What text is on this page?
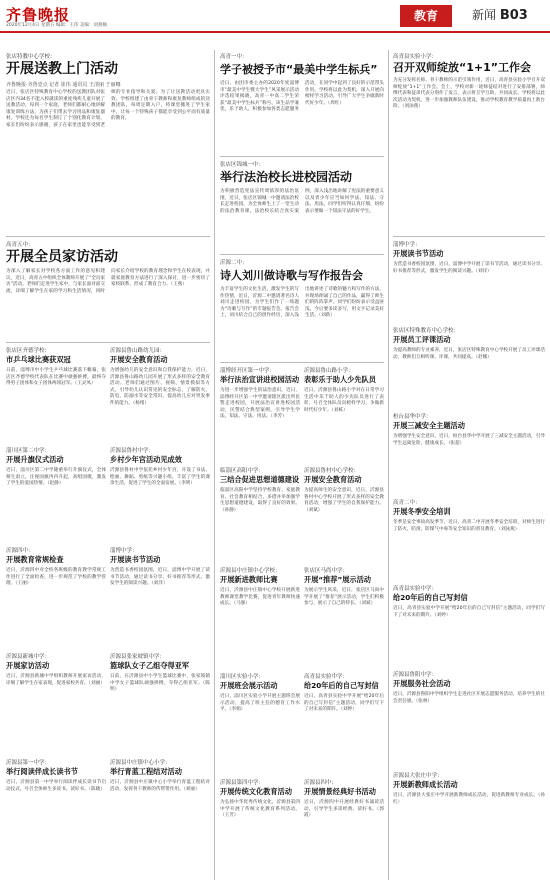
齐鲁晚报
2020年12月4日 星期五 编辑：王伟 美编：刘燕楠
教育	新闻 B03
张店特教中心学校：
开展送教上门活动
齐鲁晚报·齐鲁壹点 记者 崔伟 通讯员 王清丽 于丽娜

近日，张店区特殊教育中心学校的送教团队对张店区内34名不能入校就读的重度残疾儿童开展了送教活动，每到一个家庭，老师们都耐心地讲解康复训练方法，为孩子们带去学习用品和康复器材。学校还为每名学生制订了个别化教育计划，家长们纷纷表示感谢，孩子在家里也能享受到老师的专业指导和关爱。为了让送教活动更具实效，学校组建了由骨干教师和康复教师组成的送教团队，每周定期入户，将课堂搬进了学生家中，让每一个特殊孩子都能享受到公平而有质量的教育。

高青五中：
开展全员家访活动

为深入了解家长对学校各方面工作的意见和建议，近日，高青五中组织全体教师开展了“全员家访”活动。老师们走进学生家中，与家长面对面交流，详细了解学生在家的学习和生活情况，同时向家长介绍学校的教育理念和学生在校表现，并就家庭教育方法进行了深入探讨，进一步密切了家校联系，形成了教育合力。（王燕）

张店区齐德学校：
市乒乓球比赛获双冠

日前，淄博市中小学生乒乓球比赛落下帷幕，张店区齐德学校代表队在比赛中顽强拼搏，最终夺得男子团体和女子团体两项冠军。（王灵凤）

沂源县鲁山路幼儿园：
开展安全教育活动

为增强幼儿的安全意识和自我保护能力，近日，沂源县鲁山路幼儿园开展了形式多样的安全教育活动。老师们通过图片、视频、情景模拟等方式，引导幼儿认识常见的安全标志，了解防火、防电、防溺水等安全常识，提高幼儿应对突发事件的能力。（杨绪）

淄川区第二中学：
开展升旗仪式活动

近日，淄川区第二中学隆重举行升旗仪式，全体师生肃立，注视国旗冉冉升起，高唱国歌，激发了学生的爱国热情。（赵静）

沂源县鲁村中学：
乡村少年宫活动见成效

沂源县鲁村中学依托乡村少年宫，开设了书法、绘画、舞蹈、剪纸等兴趣小组，丰富了学生的课余生活，促进了学生的全面发展。（李明）

沂源四中：
开展教育常规检查

近日，沂源四中对全校各班级的教育教学常规工作进行了全面检查，进一步规范了学校的教学管理。（王丽）

淄博中学：
开展读书节活动

为营造书香校园氛围，近日，淄博中学开展了读书节活动，通过读书分享、好书推荐等形式，激发学生的阅读兴趣。（刘洋）

沂源县新城中学：
开展家访活动

近日，沂源县新城中学组织教师开展家访活动，详细了解学生在家表现，促进家校共育。（刘丽）

沂源县张家坡镇中学：
篮球队女子乙组夺得亚军

日前，在沂源县中小学生篮球比赛中，张家坡镇中学女子篮球队顽强拼搏，夺得乙组亚军。（陈明）

沂源县第一中学：
举行阅读伴成长读书节

近日，沂源县第一中学举行阅读伴成长读书节启动仪式，号召全体师生多读书、读好书。（陈晓）

沂源县中庄镇中心小学：
举行青蓝工程结对活动

近日，沂源县中庄镇中心小学举行青蓝工程结对活动，发挥骨干教师的传帮带作用。（刘丽）

高青一中：
学子被授予市“最美中学生标兵”

近日，由团市委主办的2020年度淄博市“最美中学生暨大学生”风采展示活动评选结果揭晓，高青一中高二学生荣获“最美中学生标兵”称号。该生品学兼优，乐于助人，积极参加各类志愿服务活动，在同学中起到了良好的示范带头作用。学校将以此为契机，深入开展向榜样学习活动，引导广大学生争做新时代好少年。（周红）

张店区锦城一中：
举行法治校长进校园活动

为积极营造宪法宣传周浓厚的法治氛围，近日，张店区锦城一中邀请法治校长走进校园，为全体师生上了一堂生动的法治教育课。法治校长结合真实案例，深入浅出地讲解了宪法的重要意义以及青少年应当如何学法、知法、守法、用法，同学们听得认真仔细，纷纷表示要做一个知法守法的好学生。

沂源二中：
诗人刘川做诗歌与写作报告会

为丰富学生的文化生活，激发学生的写作热情，近日，沂源二中邀请著名诗人刘川走进校园，为学生们作了一场题为“诗歌与写作”的专题报告会。报告会上，刘川结合自己的创作经历，深入浅出地讲述了诗歌的魅力和写作的方法，并现场朗诵了自己的作品，赢得了师生们的阵阵掌声。同学们纷纷表示受益匪浅，今后要多读多写，用文字记录美好生活。（刘新）

淄博经开区第一中学：
举行法治宣讲进校园活动

为进一步增强学生的法治意识，近日，淄博经开区第一中学邀请辖区派出所民警走进校园，开展法治宣讲进校园活动，民警结合典型案例，引导学生学法、知法、守法、用法。（李芳）

沂源县鲁山路小学：
表彰乐于助人少先队员

近日，沂源县鲁山路小学对在日常学习生活中乐于助人的少先队员进行了表彰，号召全体队员向榜样学习，争做新时代好少年。（刘栋）

临淄区高阳中学：
三结合促进思想道德建设

临淄区高阳中学坚持学校教育、家庭教育、社会教育相结合，多措并举加强学生思想道德建设，取得了良好的效果。（孙静）

沂源县鲁村中心学校：
开展安全教育活动

为提高师生的安全意识，近日，沂源县鲁村中心学校开展了形式多样的安全教育活动，增强了学生的自我保护能力。（刘斌）

沂源县中庄镇中心学校：
开展新进教师比赛

近日，沂源县中庄镇中心学校开展新进教师课堂教学比赛，促进青年教师快速成长。（马强）

张店区马尚中学：
开展“推荐”展示活动

为展示学生风采，近日，张店区马尚中学开展了“推荐”展示活动，学生们积极参与，展示了自己的特长。（刘斌）

淄川区实验小学：
开展班会展示活动

近日，淄川区实验小学开展主题班会展示活动，提高了班主任的德育工作水平。（李娟）

高青县实验中学：
给20年后的自己写封信

近日，高青县实验中学开展“给20年后的自己写封信”主题活动，同学们写下了对未来的期许。（刘婷）

沂源县第四中学：
开展传统文化教育活动

为弘扬中华优秀传统文化，沂源县第四中学开展了传统文化教育系列活动。（王芳）

沂源县四中：
开展情景经典好书活动

近日，沂源四中开展经典好书诵读活动，引导学生多读经典、读好书。（郭霞）

高青县实验小学：
召开双师绽放“1+1”工作会

为充分发挥名师、骨干教师的示范引领作用，近日，高青县实验小学召开双师绽放“1+1”工作会。会上，学校对新一轮师徒结对进行了安排部署，师傅代表和徒弟代表分别作了发言，表示将互学互助、共同成长。学校将以此次活动为契机，进一步加强教师队伍建设，推动学校教育教学质量再上新台阶。（刘泳燕）

淄博中学：
开展读书节活动

为营造书香校园氛围，近日，淄博中学开展了读书节活动，通过读书分享、好书推荐等形式，激发学生的阅读兴趣。（刘洋）

张店区特殊教育中心学校：
开展员工评课活动

为提高教师的专业素养，近日，张店区特殊教育中心学校开展了员工评课活动，教师们互相听课、评课，共同提高。（赵娜）

桓台县华中学：
开展三减安全主题活动

为增强学生安全意识，近日，桓台县华中学开展了三减安全主题活动，引导学生远离危险，健康成长。（张超）

高青二中：
开展冬季安全培训

冬季是安全事故高发季节，近日，高青二中开展冬季安全培训，对师生进行了防火、防滑、防煤气中毒等安全知识的普及教育。（刘泳燕）

高青县实验中学：
给20年后的自己写封信

近日，高青县实验中学开展“给20年后的自己写封信”主题活动，同学们写下了对未来的期许。（刘婷）

沂源县鲁阳中学：
开展服务社会活动

近日，沂源县鲁阳中学组织学生走进社区开展志愿服务活动，培养学生的社会责任感。（张林）

沂源县大张庄中学：
开展新教师成长活动

近日，沂源县大张庄中学开展新教师成长活动，促进新教师专业成长。（孙红）
